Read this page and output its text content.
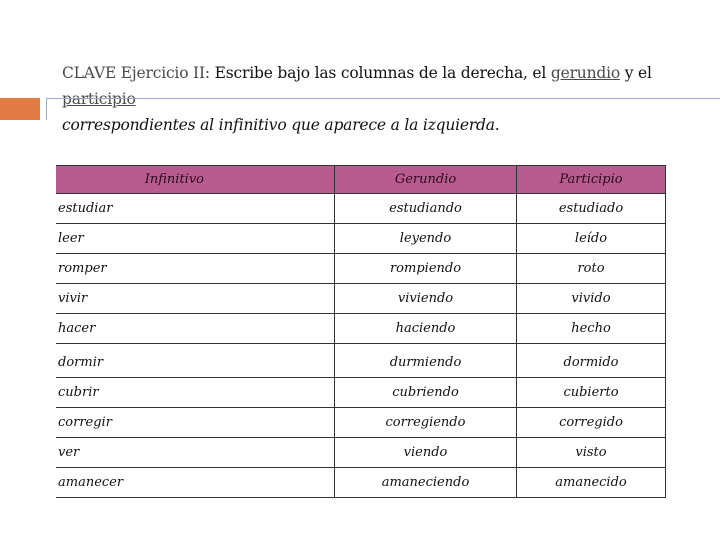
CLAVE Ejercicio II: Escribe bajo las columnas de la derecha, el gerundio y el participio
correspondientes al infinitivo que aparece a la izquierda.
Infinitivo	Gerundio	Participio
estudiar	estudiando	estudiado
leer	leyendo	leído
romper	rompiendo	roto
vivir	viviendo	vivido
hacer	haciendo	hecho
dormir	durmiendo	dormido
cubrir	cubriendo	cubierto
corregir	corregiendo	corregido
ver	viendo	visto
amanecer	amaneciendo	amanecido
